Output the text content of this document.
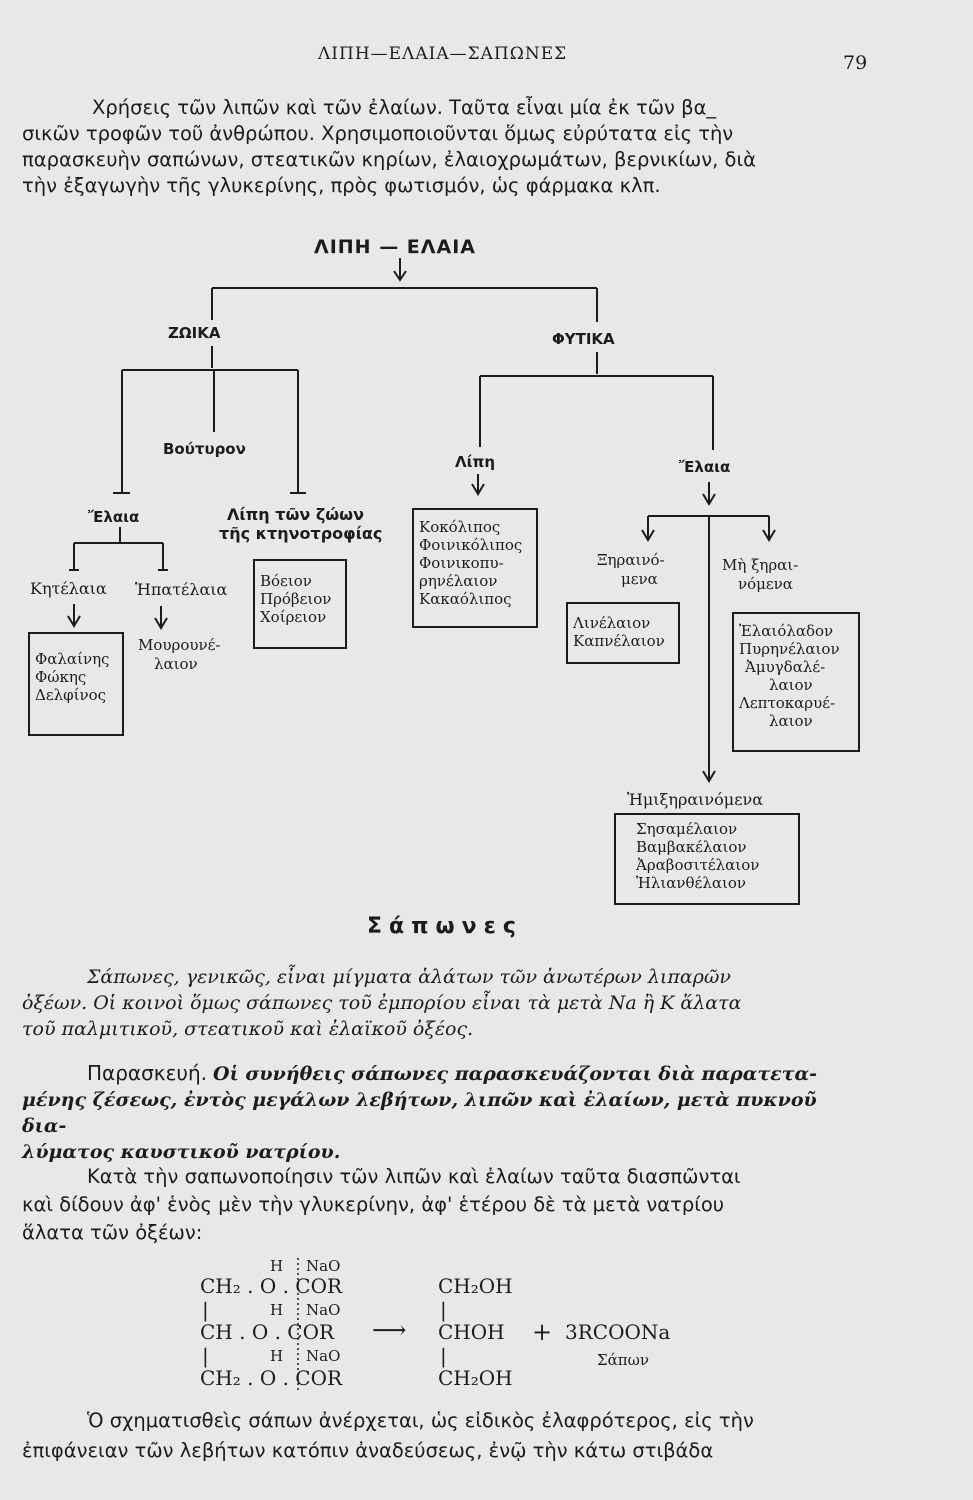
ΛΙΠΗ—ΕΛΑΙΑ—ΣΑΠΩΝΕΣ	79
Χρήσεις τῶν λιπῶν καὶ τῶν ἐλαίων. Ταῦτα εἶναι μία ἐκ τῶν βα_
σικῶν τροφῶν τοῦ ἀνθρώπου. Χρησιμοποιοῦνται ὅμως εὐρύτατα εἰς τὴν
παρασκευὴν σαπώνων, στεατικῶν κηρίων, ἐλαιοχρωμάτων, βερνικίων, διὰ
τὴν ἐξαγωγὴν τῆς γλυκερίνης, πρὸς φωτισμόν, ὡς φάρμακα κλπ.
ΛΙΠΗ — ΕΛΑΙΑ
ΖΩΙΚΑ	ΦΥΤΙΚΑ
Βούτυρον
Ἔλαια	Λίπη τῶν ζώων
τῆς κτηνοτροφίας
Κητέλαια Ἡπατέλαια
Μουρουνέ-
λαιον
Λίπη	Ἔλαια
Ξηραινό-
μενα
Μὴ ξηραι-
νόμενα
Ἡμιξηραινόμενα
Φαλαίνης
Φώκης
Δελφίνος
Βόειον
Πρόβειον
Χοίρειον
Κοκόλιπος
Φοινικόλιπος
Φοινικοπυ-
ρηνέλαιον
Κακαόλιπος
Λινέλαιον
Καπνέλαιον
Ἐλαιόλαδον
Πυρηνέλαιον
Ἀμυγδαλέ-
λαιον
Λεπτοκαρυέ-
λαιον
Σησαμέλαιον
Βαμβακέλαιον
Ἀραβοσιτέλαιον
Ἡλιανθέλαιον
Σάπωνες
Σάπωνες, γενικῶς, εἶναι μίγματα ἁλάτων τῶν ἀνωτέρων λιπαρῶν
ὀξέων. Οἱ κοινοὶ ὅμως σάπωνες τοῦ ἐμπορίου εἶναι τὰ μετὰ Na ἢ K ἅλατα
τοῦ παλμιτικοῦ, στεατικοῦ καὶ ἐλαϊκοῦ ὀξέος.
Παρασκευή. Οἱ συνήθεις σάπωνες παρασκευάζονται διὰ παρατετα-
μένης ζέσεως, ἐντὸς μεγάλων λεβήτων, λιπῶν καὶ ἐλαίων, μετὰ πυκνοῦ δια-
λύματος καυστικοῦ νατρίου.
Κατὰ τὴν σαπωνοποίησιν τῶν λιπῶν καὶ ἐλαίων ταῦτα διασπῶνται
καὶ δίδουν ἀφ' ἑνὸς μὲν τὴν γλυκερίνην, ἀφ' ἑτέρου δὲ τὰ μετὰ νατρίου
ἅλατα τῶν ὀξέων:
H NaO
CH₂ . O . COR	CH₂OH
|	H NaO	|
CH . O . COR ⟶ CHOH + 3RCOONa
|	H NaO	|	Σάπων
CH₂ . O . COR	CH₂OH
Ὁ σχηματισθεὶς σάπων ἀνέρχεται, ὡς εἰδικὸς ἐλαφρότερος, εἰς τὴν
ἐπιφάνειαν τῶν λεβήτων κατόπιν ἀναδεύσεως, ἐνῷ τὴν κάτω στιβάδα
